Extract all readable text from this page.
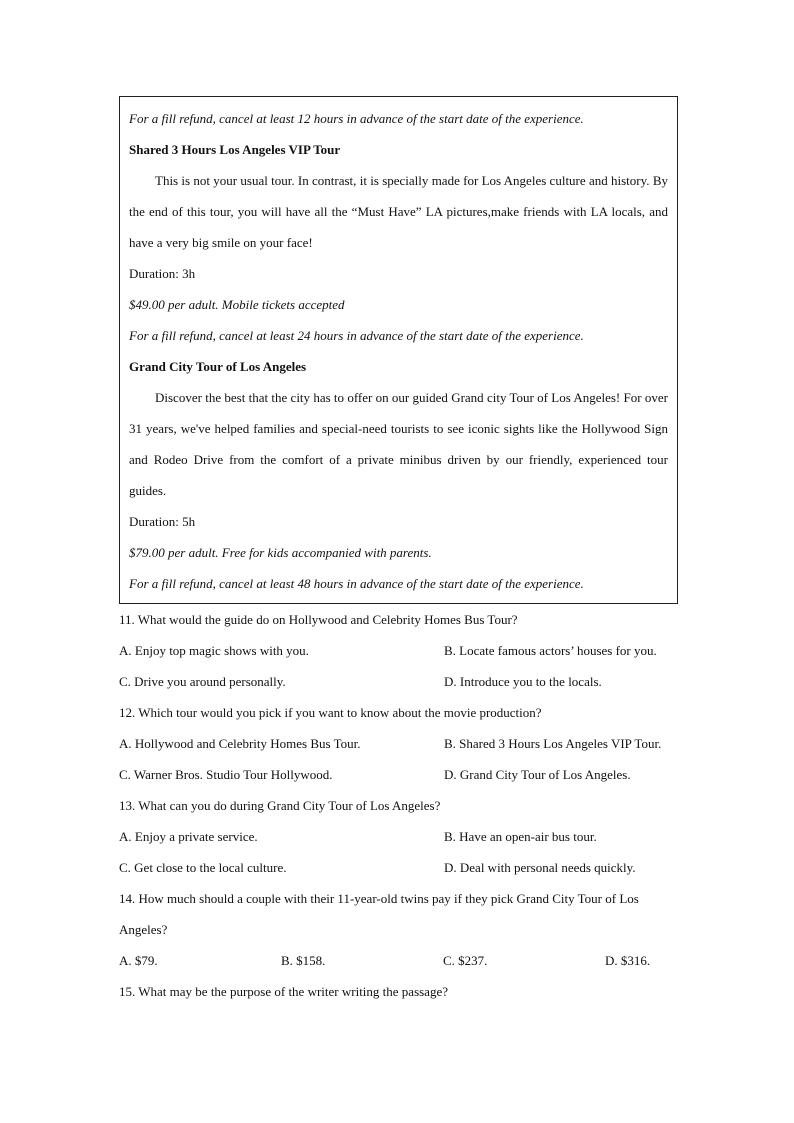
For a fill refund, cancel at least 12 hours in advance of the start date of the experience.

Shared 3 Hours Los Angeles VIP Tour

This is not your usual tour. In contrast, it is specially made for Los Angeles culture and history. By the end of this tour, you will have all the “Must Have” LA pictures,make friends with LA locals, and have a very big smile on your face!

Duration: 3h

$49.00 per adult. Mobile tickets accepted

For a fill refund, cancel at least 24 hours in advance of the start date of the experience.

Grand City Tour of Los Angeles

Discover the best that the city has to offer on our guided Grand city Tour of Los Angeles! For over 31 years, we've helped families and special-need tourists to see iconic sights like the Hollywood Sign and Rodeo Drive from the comfort of a private minibus driven by our friendly, experienced tour guides.

Duration: 5h

$79.00 per adult. Free for kids accompanied with parents.

For a fill refund, cancel at least 48 hours in advance of the start date of the experience.

11. What would the guide do on Hollywood and Celebrity Homes Bus Tour?

A. Enjoy top magic shows with you.	B. Locate famous actors’ houses for you.
C. Drive you around personally.	D. Introduce you to the locals.

12. Which tour would you pick if you want to know about the movie production?

A. Hollywood and Celebrity Homes Bus Tour.	B. Shared 3 Hours Los Angeles VIP Tour.
C. Warner Bros. Studio Tour Hollywood.	D. Grand City Tour of Los Angeles.

13. What can you do during Grand City Tour of Los Angeles?

A. Enjoy a private service.	B. Have an open-air bus tour.
C. Get close to the local culture.	D. Deal with personal needs quickly.

14. How much should a couple with their 11-year-old twins pay if they pick Grand City Tour of Los Angeles?

A. $79.	B. $158.	C. $237.	D. $316.

15. What may be the purpose of the writer writing the passage?
